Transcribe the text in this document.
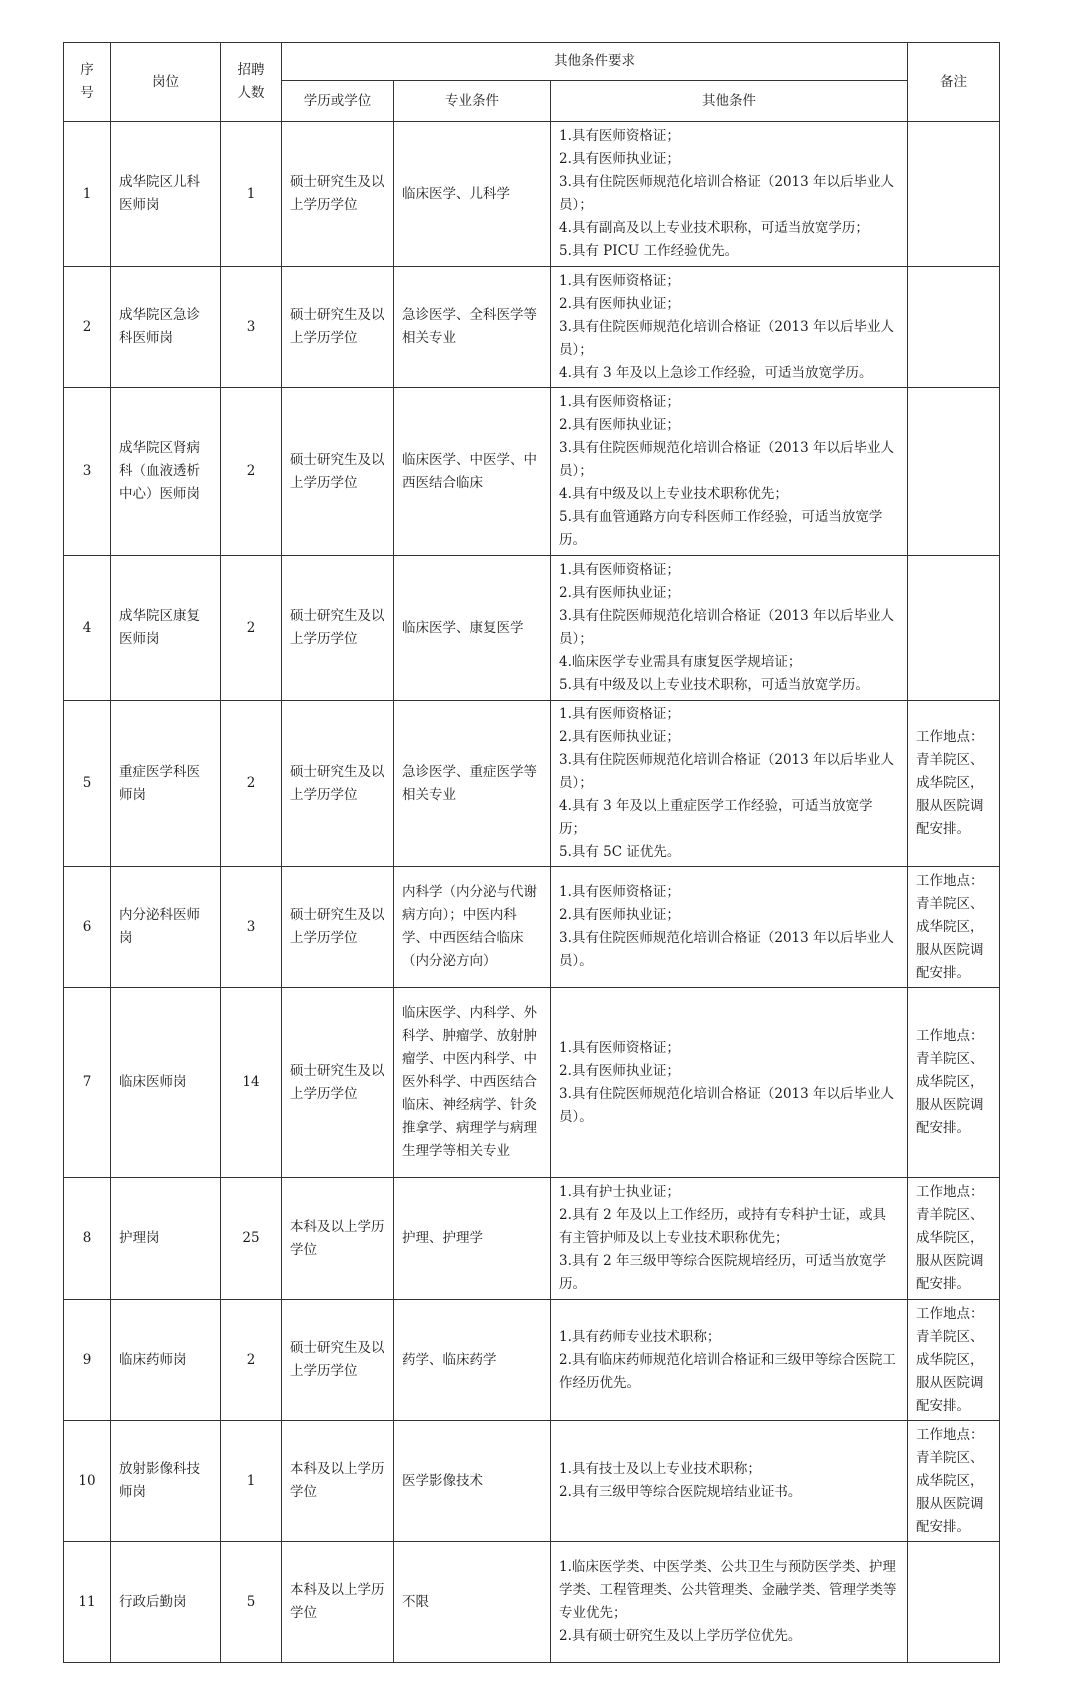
序号	岗位	招聘人数	其他条件要求			备注
			学历或学位	专业条件	其他条件	
1	成华院区儿科医师岗	1	硕士研究生及以上学历学位	临床医学、儿科学	1.具有医师资格证；
2.具有医师执业证；
3.具有住院医师规范化培训合格证（2013 年以后毕业人员）；
4.具有副高及以上专业技术职称，可适当放宽学历；
5.具有 PICU 工作经验优先。	

2	成华院区急诊科医师岗	3	硕士研究生及以上学历学位	急诊医学、全科医学等相关专业	1.具有医师资格证；
2.具有医师执业证；
3.具有住院医师规范化培训合格证（2013 年以后毕业人员）；
4.具有 3 年及以上急诊工作经验，可适当放宽学历。	

3	成华院区肾病科（血液透析中心）医师岗	2	硕士研究生及以上学历学位	临床医学、中医学、中西医结合临床	1.具有医师资格证；
2.具有医师执业证；
3.具有住院医师规范化培训合格证（2013 年以后毕业人员）；
4.具有中级及以上专业技术职称优先；
5.具有血管通路方向专科医师工作经验，可适当放宽学历。	

4	成华院区康复医师岗	2	硕士研究生及以上学历学位	临床医学、康复医学	1.具有医师资格证；
2.具有医师执业证；
3.具有住院医师规范化培训合格证（2013 年以后毕业人员）；
4.临床医学专业需具有康复医学规培证；
5.具有中级及以上专业技术职称，可适当放宽学历。	

5	重症医学科医师岗	2	硕士研究生及以上学历学位	急诊医学、重症医学等相关专业	1.具有医师资格证；
2.具有医师执业证；
3.具有住院医师规范化培训合格证（2013 年以后毕业人员）；
4.具有 3 年及以上重症医学工作经验，可适当放宽学历；
5.具有 5C 证优先。	工作地点：青羊院区、成华院区，服从医院调配安排。
6	内分泌科医师岗	3	硕士研究生及以上学历学位	内科学（内分泌与代谢病方向）；中医内科学、中西医结合临床（内分泌方向）	1.具有医师资格证；
2.具有医师执业证；
3.具有住院医师规范化培训合格证（2013 年以后毕业人员）。	工作地点：青羊院区、成华院区，服从医院调配安排。
7	临床医师岗	14	硕士研究生及以上学历学位	临床医学、内科学、外科学、肿瘤学、放射肿瘤学、中医内科学、中医外科学、中西医结合临床、神经病学、针灸推拿学、病理学与病理生理学等相关专业	1.具有医师资格证；
2.具有医师执业证；
3.具有住院医师规范化培训合格证（2013 年以后毕业人员）。	工作地点：青羊院区、成华院区，服从医院调配安排。
8	护理岗	25	本科及以上学历学位	护理、护理学	1.具有护士执业证；
2.具有 2 年及以上工作经历，或持有专科护士证，或具有主管护师及以上专业技术职称优先；
3.具有 2 年三级甲等综合医院规培经历，可适当放宽学历。	工作地点：青羊院区、成华院区，服从医院调配安排。
9	临床药师岗	2	硕士研究生及以上学历学位	药学、临床药学	1.具有药师专业技术职称；
2.具有临床药师规范化培训合格证和三级甲等综合医院工作经历优先。	工作地点：青羊院区、成华院区，服从医院调配安排。
10	放射影像科技师岗	1	本科及以上学历学位	医学影像技术	1.具有技士及以上专业技术职称；
2.具有三级甲等综合医院规培结业证书。	工作地点：青羊院区、成华院区，服从医院调配安排。
11	行政后勤岗	5	本科及以上学历学位	不限	1.临床医学类、中医学类、公共卫生与预防医学类、护理学类、工程管理类、公共管理类、金融学类、管理学类等专业优先；
2.具有硕士研究生及以上学历学位优先。	
